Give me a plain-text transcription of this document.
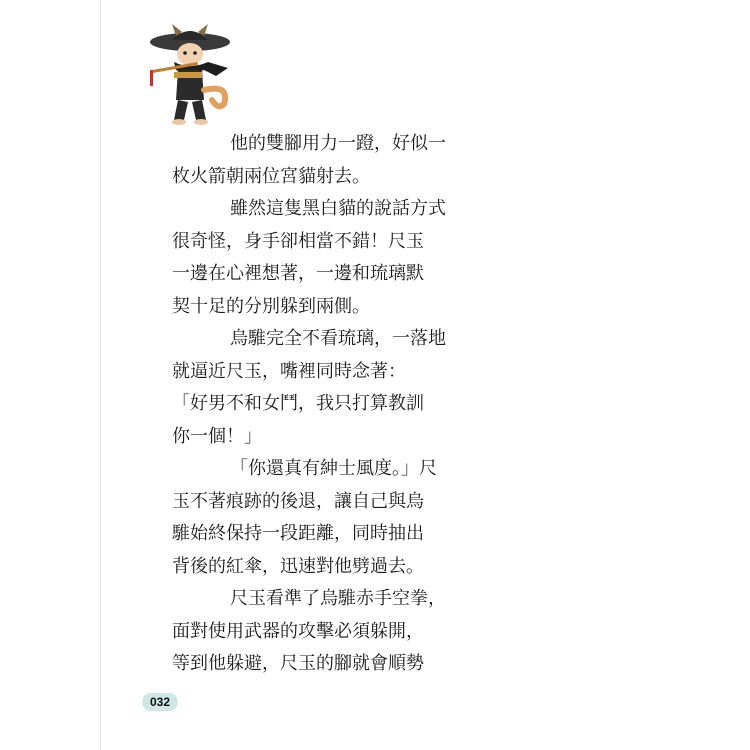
他的雙腳用力一蹬，好似一
枚火箭朝兩位宮貓射去。
雖然這隻黑白貓的說話方式
很奇怪，身手卻相當不錯！尺玉
一邊在心裡想著，一邊和琉璃默
契十足的分別躲到兩側。
烏騅完全不看琉璃，一落地
就逼近尺玉，嘴裡同時念著：
「好男不和女鬥，我只打算教訓
你一個！」
「你還真有紳士風度。」尺
玉不著痕跡的後退，讓自己與烏
騅始終保持一段距離，同時抽出
背後的紅傘，迅速對他劈過去。
尺玉看準了烏騅赤手空拳，
面對使用武器的攻擊必須躲開，
等到他躲避，尺玉的腳就會順勢
032
